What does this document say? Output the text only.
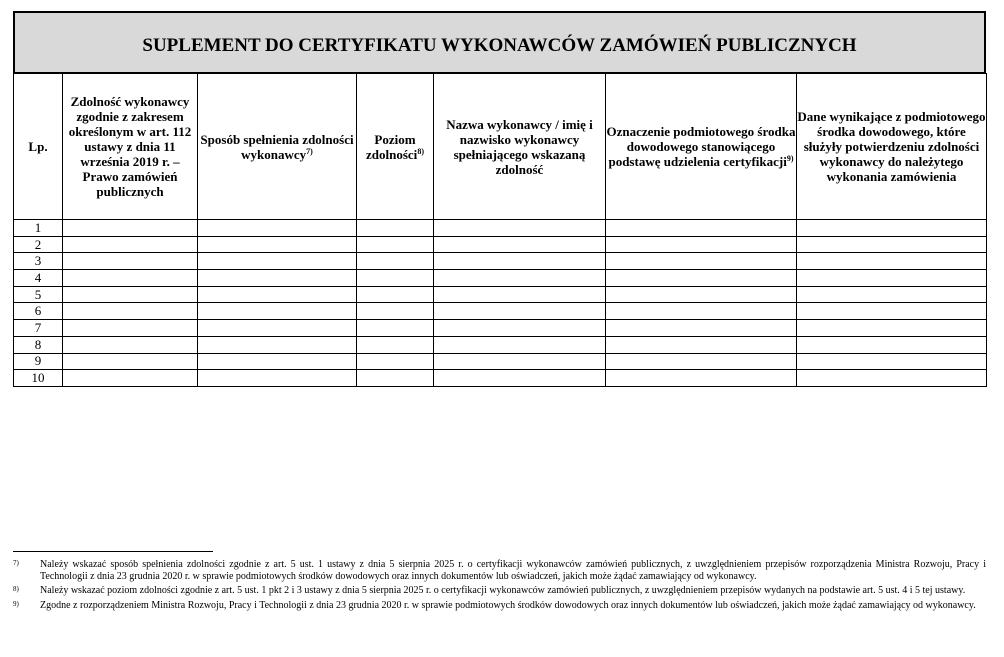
SUPLEMENT DO CERTYFIKATU WYKONAWCÓW ZAMÓWIEŃ PUBLICZNYCH
Lp.	Zdolność wykonawcy zgodnie z zakresem określonym w art. 112 ustawy z dnia 11 września 2019 r. – Prawo zamówień publicznych	Sposób spełnienia zdolności wykonawcy$^{7)}$	Poziom zdolności$^{8)}$	Nazwa wykonawcy / imię i nazwisko wykonawcy spełniającego wskazaną zdolność	Oznaczenie podmiotowego środka dowodowego stanowiącego podstawę udzielenia certyfikacji$^{9)}$	Dane wynikające z podmiotowego środka dowodowego, które służyły potwierdzeniu zdolności wykonawcy do należytego wykonania zamówienia
1						
2						
3						
4						
5						
6						
7						
8						
9						
10						
7)	Należy wskazać sposób spełnienia zdolności zgodnie z art. 5 ust. 1 ustawy z dnia 5 sierpnia 2025 r. o certyfikacji wykonawców zamówień publicznych, z uwzględnieniem przepisów rozporządzenia Ministra Rozwoju, Pracy i Technologii z dnia 23 grudnia 2020 r. w sprawie podmiotowych środków dowodowych oraz innych dokumentów lub oświadczeń, jakich może żądać zamawiający od wykonawcy.
8)	Należy wskazać poziom zdolności zgodnie z art. 5 ust. 1 pkt 2 i 3 ustawy z dnia 5 sierpnia 2025 r. o certyfikacji wykonawców zamówień publicznych, z uwzględnieniem przepisów wydanych na podstawie art. 5 ust. 4 i 5 tej ustawy.
9)	Zgodne z rozporządzeniem Ministra Rozwoju, Pracy i Technologii z dnia 23 grudnia 2020 r. w sprawie podmiotowych środków dowodowych oraz innych dokumentów lub oświadczeń, jakich może żądać zamawiający od wykonawcy.
